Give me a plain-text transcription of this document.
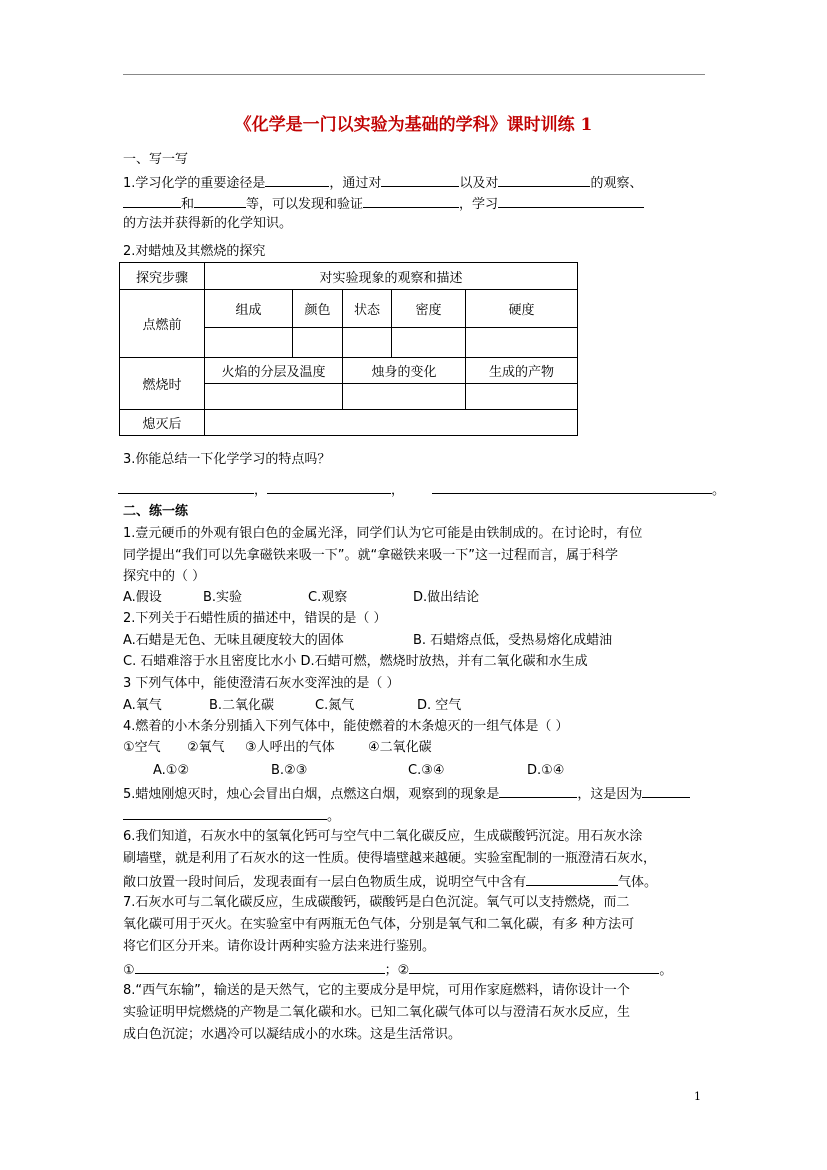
《化学是一门以实验为基础的学科》课时训练 1
一、写一写
1.学习化学的重要途径是	，通过对	以及对	的观察、
和	等，可以发现和验证	，学习
的方法并获得新的化学知识。
2.对蜡烛及其燃烧的探究
探究步骤	对实验现象的观察和描述				
点燃前	组成	颜色	状态	密度	硬度

燃烧时	火焰的分层及温度		烛身的变化		生成的产物

熄灭后					
3.你能总结一下化学学习的特点吗？
，	，	。
二、练一练
1.壹元硬币的外观有银白色的金属光泽，同学们认为它可能是由铁制成的。在讨论时，有位
同学提出“我们可以先拿磁铁来吸一下”。就“拿磁铁来吸一下”这一过程而言，属于科学
探究中的（ ）
A.假设	B.实验	C.观察	D.做出结论
2.下列关于石蜡性质的描述中，错误的是（ ）
A.石蜡是无色、无味且硬度较大的固体	B. 石蜡熔点低，受热易熔化成蜡油
C. 石蜡难溶于水且密度比水小 D.石蜡可燃，燃烧时放热，并有二氧化碳和水生成
3 下列气体中，能使澄清石灰水变浑浊的是（ ）
A.氧气	B.二氧化碳	C.氮气	D. 空气
4.燃着的小木条分别插入下列气体中，能使燃着的木条熄灭的一组气体是（ ）
①空气 ②氧气 ③人呼出的气体	④二氧化碳
A.①②	B.②③	C.③④	D.①④
5.蜡烛刚熄灭时，烛心会冒出白烟，点燃这白烟，观察到的现象是	，这是因为
。
6.我们知道，石灰水中的氢氧化钙可与空气中二氧化碳反应，生成碳酸钙沉淀。用石灰水涂
刷墙壁，就是利用了石灰水的这一性质。使得墙壁越来越硬。实验室配制的一瓶澄清石灰水，
敞口放置一段时间后，发现表面有一层白色物质生成，说明空气中含有	气体。
7.石灰水可与二氧化碳反应，生成碳酸钙，碳酸钙是白色沉淀。氧气可以支持燃烧，而二
氧化碳可用于灭火。在实验室中有两瓶无色气体，分别是氧气和二氧化碳，有多 种方法可
将它们区分开来。请你设计两种实验方法来进行鉴别。
①	；②	。
8.“西气东输”，输送的是天然气，它的主要成分是甲烷，可用作家庭燃料，请你设计一个
实验证明甲烷燃烧的产物是二氧化碳和水。已知二氧化碳气体可以与澄清石灰水反应，生
成白色沉淀；水遇冷可以凝结成小的水珠。这是生活常识。
1
